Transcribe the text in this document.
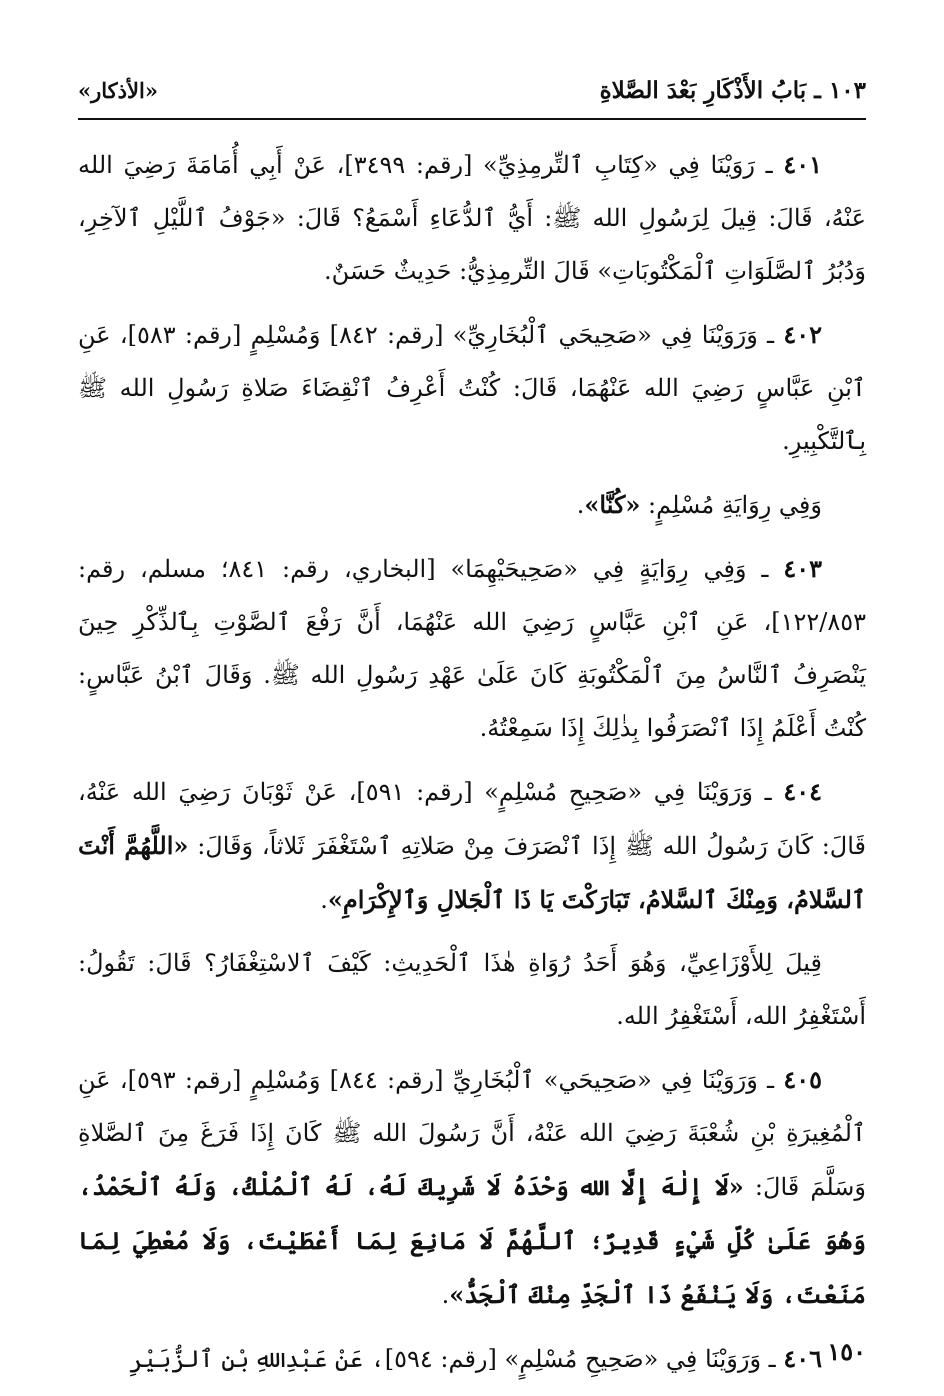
١٠٣ ـ بَابُ الأَذْكَارِ بَعْدَ الصَّلاةِ
«الأذكار»

٤٠١ ـ رَوَيْنَا فِي «كِتَابِ ٱلتِّرمِذِيِّ» [رقم: ٣٤٩٩]، عَنْ أَبِي أُمَامَةَ رَضِيَ الله عَنْهُ، قَالَ: قِيلَ لِرَسُولِ الله ﷺ: أَيُّ ٱلدُّعَاءِ أَسْمَعُ؟ قَالَ: «جَوْفُ ٱللَّيْلِ ٱلآخِرِ، وَدُبُرُ ٱلصَّلَوَاتِ ٱلْمَكْتُوبَاتِ» قَالَ التِّرمِذِيُّ: حَدِيثٌ حَسَنٌ.

٤٠٢ ـ وَرَوَيْنَا فِي «صَحِيحَي ٱلْبُخَارِيِّ» [رقم: ٨٤٢] وَمُسْلِمٍ [رقم: ٥٨٣]، عَنِ ٱبْنِ عَبَّاسٍ رَضِيَ الله عَنْهُمَا، قَالَ: كُنْتُ أَعْرِفُ ٱنْقِضَاءَ صَلاةِ رَسُولِ الله ﷺ بِٱلتَّكْبِيرِ.

وَفِي رِوَايَةِ مُسْلِمٍ: «كُنَّا».

٤٠٣ ـ وَفِي رِوَايَةٍ فِي «صَحِيحَيْهِمَا» [البخاري، رقم: ٨٤١؛ مسلم، رقم: ١٢٢/٨٥٣]، عَنِ ٱبْنِ عَبَّاسٍ رَضِيَ الله عَنْهُمَا، أَنَّ رَفْعَ ٱلصَّوْتِ بِٱلذِّكْرِ حِينَ يَنْصَرِفُ ٱلنَّاسُ مِنَ ٱلْمَكْتُوبَةِ كَانَ عَلَىٰ عَهْدِ رَسُولِ الله ﷺ. وَقَالَ ٱبْنُ عَبَّاسٍ: كُنْتُ أَعْلَمُ إِذَا ٱنْصَرَفُوا بِذٰلِكَ إِذَا سَمِعْتُهُ.

٤٠٤ ـ وَرَوَيْنَا فِي «صَحِيحِ مُسْلِمٍ» [رقم: ٥٩١]، عَنْ ثَوْبَانَ رَضِيَ الله عَنْهُ، قَالَ: كَانَ رَسُولُ الله ﷺ إِذَا ٱنْصَرَفَ مِنْ صَلاتِهِ ٱسْتَغْفَرَ ثَلاثاً، وَقَالَ: «اللَّهُمَّ أَنْتَ ٱلسَّلامُ، وَمِنْكَ ٱلسَّلامُ، تَبَارَكْتَ يَا ذَا ٱلْجَلالِ وَٱلإِكْرَامِ».

قِيلَ لِلأَوْزَاعِيِّ، وَهُوَ أَحَدُ رُوَاةِ هٰذَا ٱلْحَدِيثِ: كَيْفَ ٱلاسْتِغْفَارُ؟ قَالَ: تَقُولُ: أَسْتَغْفِرُ الله، أَسْتَغْفِرُ الله.

٤٠٥ ـ وَرَوَيْنَا فِي «صَحِيحَي» ٱلْبُخَارِيِّ [رقم: ٨٤٤] وَمُسْلِمٍ [رقم: ٥٩٣]، عَنِ ٱلْمُغِيرَةِ بْنِ شُعْبَةَ رَضِيَ الله عَنْهُ، أَنَّ رَسُولَ الله ﷺ كَانَ إِذَا فَرَغَ مِنَ ٱلصَّلاةِ وَسَلَّمَ قَالَ: «لَا إِلٰهَ إِلَّا الله وَحْدَهُ لَا شَرِيكَ لَهُ، لَهُ ٱلْمُلْكُ، وَلَهُ ٱلْحَمْدُ، وَهُوَ عَلَىٰ كُلِّ شَيْءٍ قَدِيرٌ؛ ٱللَّهُمَّ لَا مَانِعَ لِمَا أَعْطَيْتَ، وَلَا مُعْطِيَ لِمَا مَنَعْتَ، وَلَا يَنْفَعُ ذَا ٱلْجَدِّ مِنْكَ ٱلْجَدُّ».

٤٠٦ ـ وَرَوَيْنَا فِي «صَحِيحِ مُسْلِمٍ» [رقم: ٥٩٤]، عَنْ عَبْدِاللهِ بْنِ ٱلزُّبَيْرِ	١٥٠
